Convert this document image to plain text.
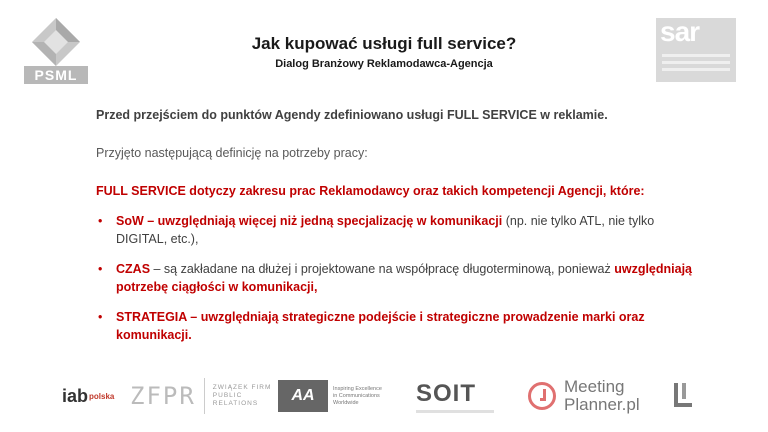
PSML
sar
Jak kupować usługi full service?
Dialog Branżowy Reklamodawca-Agencja
Przed przejściem do punktów Agendy zdefiniowano usługi FULL SERVICE w reklamie.
Przyjęto następującą definicję na potrzeby pracy:
FULL SERVICE dotyczy zakresu prac Reklamodawcy oraz takich kompetencji Agencji, które:
• SoW – uwzględniają więcej niż jedną specjalizację w komunikacji (np. nie tylko ATL, nie tylko DIGITAL, etc.),
• CZAS – są zakładane na dłużej i projektowane na współpracę długoterminową, ponieważ uwzględniają potrzebę ciągłości w komunikacji,
• STRATEGIA – uwzględniają strategiczne podejście i strategiczne prowadzenie marki oraz komunikacji.
iab polska ZFPR	ZWIĄZEK FIRM
PUBLIC
RELATIONS	AA	Inspiring Excellence
in Communications
Worldwide	SOIT	Meeting
Planner.pl
